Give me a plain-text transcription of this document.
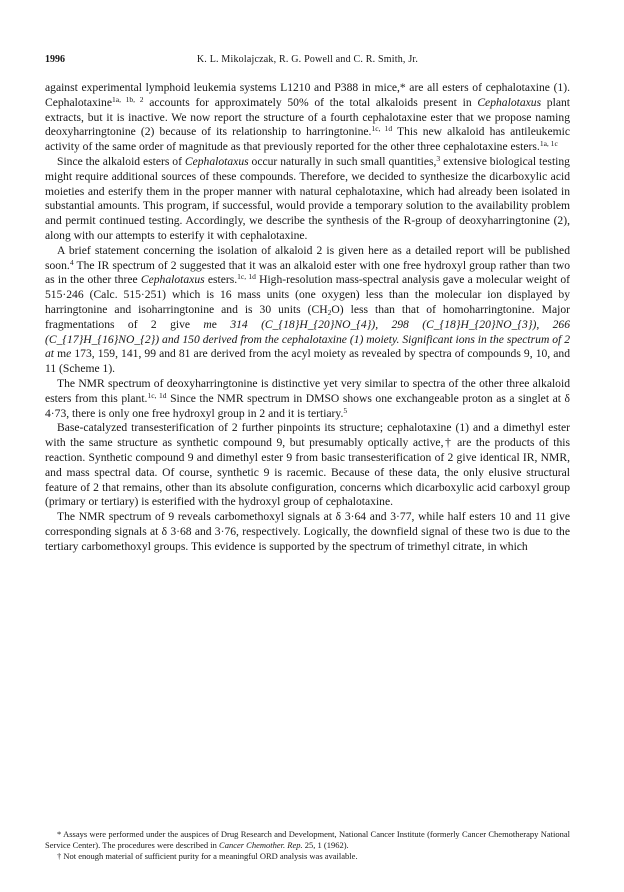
1996	K. L. Mikolajczak, R. G. Powell and C. R. Smith, Jr.

against experimental lymphoid leukemia systems L1210 and P388 in mice,* are all esters of cephalotaxine (1). Cephalotaxine$^{1a, 1b, 2}$ accounts for approximately 50% of the total alkaloids present in Cephalotaxus plant extracts, but it is inactive. We now report the structure of a fourth cephalotaxine ester that we propose naming deoxyharringtonine (2) because of its relationship to harringtonine.$^{1c, 1d}$ This new alkaloid has antileukemic activity of the same order of magnitude as that previously reported for the other three cephalotaxine esters.$^{1a, 1c}$

Since the alkaloid esters of Cephalotaxus occur naturally in such small quantities,$^3$ extensive biological testing might require additional sources of these compounds. Therefore, we decided to synthesize the dicarboxylic acid moieties and esterify them in the proper manner with natural cephalotaxine, which had already been isolated in substantial amounts. This program, if successful, would provide a temporary solution to the availability problem and permit continued testing. Accordingly, we describe the synthesis of the R-group of deoxyharringtonine (2), along with our attempts to esterify it with cephalotaxine.

A brief statement concerning the isolation of alkaloid 2 is given here as a detailed report will be published soon.$^4$ The IR spectrum of 2 suggested that it was an alkaloid ester with one free hydroxyl group rather than two as in the other three Cephalotaxus esters.$^{1c, 1d}$ High-resolution mass-spectral analysis gave a molecular weight of 515·246 (Calc. 515·251) which is 16 mass units (one oxygen) less than the molecular ion displayed by harringtonine and isoharringtonine and is 30 units $(CH_2O)$ less than that of homoharringtonine. Major fragmentations of 2 give me 314 (C_{18}H_{20}NO_{4}), 298 (C_{18}H_{20}NO_{3}), 266 (C_{17}H_{16}NO_{2}) and 150 derived from the cephalotaxine (1) moiety. Significant ions in the spectrum of 2 at me 173, 159, 141, 99 and 81 are derived from the acyl moiety as revealed by spectra of compounds 9, 10, and 11 (Scheme 1).

The NMR spectrum of deoxyharringtonine is distinctive yet very similar to spectra of the other three alkaloid esters from this plant.$^{1c, 1d}$ Since the NMR spectrum in DMSO shows one exchangeable proton as a singlet at δ 4·73, there is only one free hydroxyl group in 2 and it is tertiary.$^5$

Base-catalyzed transesterification of 2 further pinpoints its structure; cephalotaxine (1) and a dimethyl ester with the same structure as synthetic compound 9, but presumably optically active,† are the products of this reaction. Synthetic compound 9 and dimethyl ester 9 from basic transesterification of 2 give identical IR, NMR, and mass spectral data. Of course, synthetic 9 is racemic. Because of these data, the only elusive structural feature of 2 that remains, other than its absolute configuration, concerns which dicarboxylic acid carboxyl group (primary or tertiary) is esterified with the hydroxyl group of cephalotaxine.

The NMR spectrum of 9 reveals carbomethoxyl signals at δ 3·64 and 3·77, while half esters 10 and 11 give corresponding signals at δ 3·68 and 3·76, respectively. Logically, the downfield signal of these two is due to the tertiary carbomethoxyl groups. This evidence is supported by the spectrum of trimethyl citrate, in which

* Assays were performed under the auspices of Drug Research and Development, National Cancer Institute (formerly Cancer Chemotherapy National Service Center). The procedures were described in Cancer Chemother. Rep. 25, 1 (1962).

† Not enough material of sufficient purity for a meaningful ORD analysis was available.
